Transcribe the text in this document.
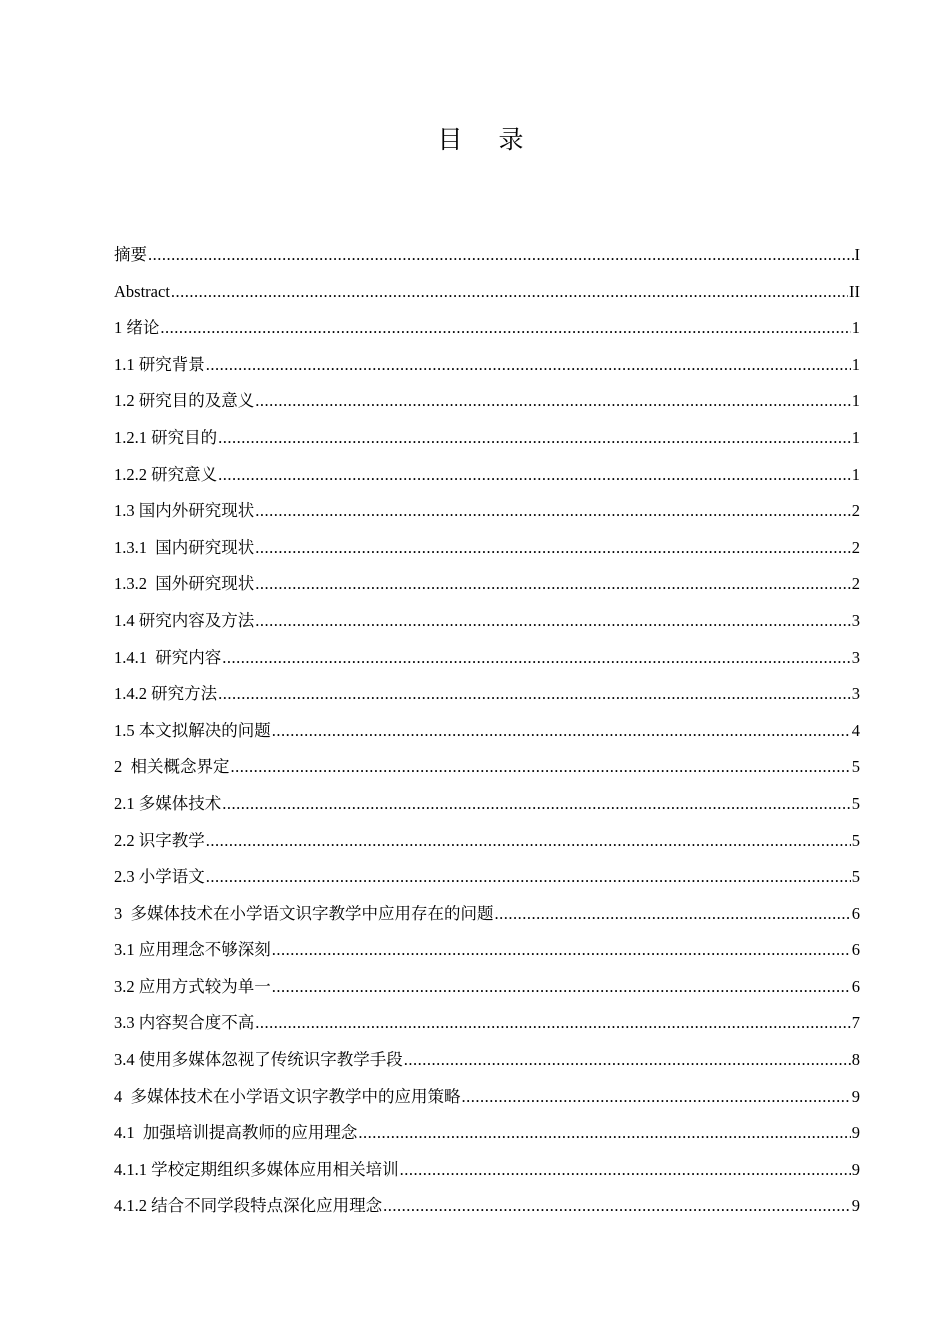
目 录
摘要 .....	I
Abstract .....	II
1 绪论 .....	1
1.1 研究背景 .....	1
1.2 研究目的及意义 .....	1
1.2.1 研究目的 .....	1
1.2.2 研究意义 .....	1
1.3 国内外研究现状 .....	2
1.3.1  国内研究现状 .....	2
1.3.2  国外研究现状 .....	2
1.4 研究内容及方法 .....	3
1.4.1  研究内容 .....	3
1.4.2 研究方法 .....	3
1.5 本文拟解决的问题 .....	4
2  相关概念界定 .....	5
2.1 多媒体技术 .....	5
2.2 识字教学 .....	5
2.3 小学语文 .....	5
3  多媒体技术在小学语文识字教学中应用存在的问题 .....	6
3.1 应用理念不够深刻 .....	6
3.2 应用方式较为单一 .....	6
3.3 内容契合度不高 .....	7
3.4 使用多媒体忽视了传统识字教学手段 .....	8
4  多媒体技术在小学语文识字教学中的应用策略 .....	9
4.1  加强培训提高教师的应用理念 .....	9
4.1.1 学校定期组织多媒体应用相关培训 .....	9
4.1.2 结合不同学段特点深化应用理念 .....	9
